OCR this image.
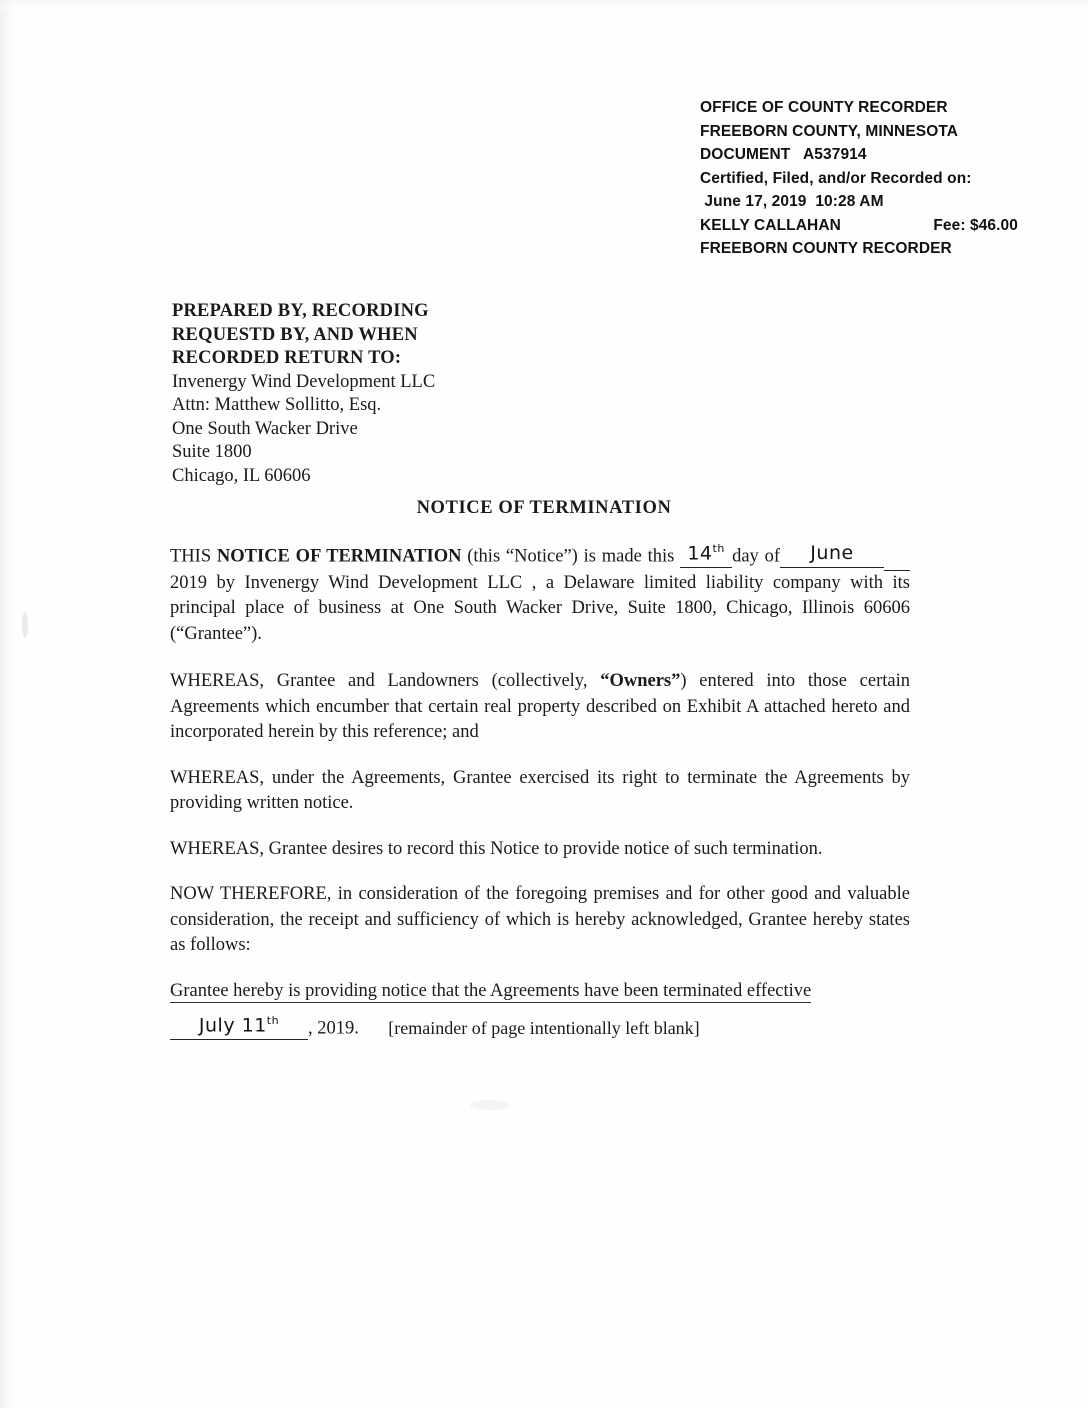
OFFICE OF COUNTY RECORDER
FREEBORN COUNTY, MINNESOTA
DOCUMENT   A537914
Certified, Filed, and/or Recorded on:
June 17, 2019  10:28 AM
KELLY CALLAHAN	Fee: $46.00
FREEBORN COUNTY RECORDER
PREPARED BY, RECORDING
REQUESTD BY, AND WHEN
RECORDED RETURN TO:
Invenergy Wind Development LLC
Attn: Matthew Sollitto, Esq.
One South Wacker Drive
Suite 1800
Chicago, IL 60606
NOTICE OF TERMINATION
THIS NOTICE OF TERMINATION (this “Notice”) is made this 14th day of June  2019 by Invenergy Wind Development LLC , a Delaware limited liability company with its principal place of business at One South Wacker Drive, Suite 1800, Chicago, Illinois 60606 (“Grantee”).
WHEREAS, Grantee and Landowners (collectively, “Owners”) entered into those certain Agreements which encumber that certain real property described on Exhibit A attached hereto and incorporated herein by this reference; and
WHEREAS, under the Agreements, Grantee exercised its right to terminate the Agreements by providing written notice.
WHEREAS, Grantee desires to record this Notice to provide notice of such termination.
NOW THEREFORE, in consideration of the foregoing premises and for other good and valuable consideration, the receipt and sufficiency of which is hereby acknowledged, Grantee hereby states as follows:
Grantee hereby is providing notice that the Agreements have been terminated effective
July 11th , 2019.	[remainder of page intentionally left blank]
